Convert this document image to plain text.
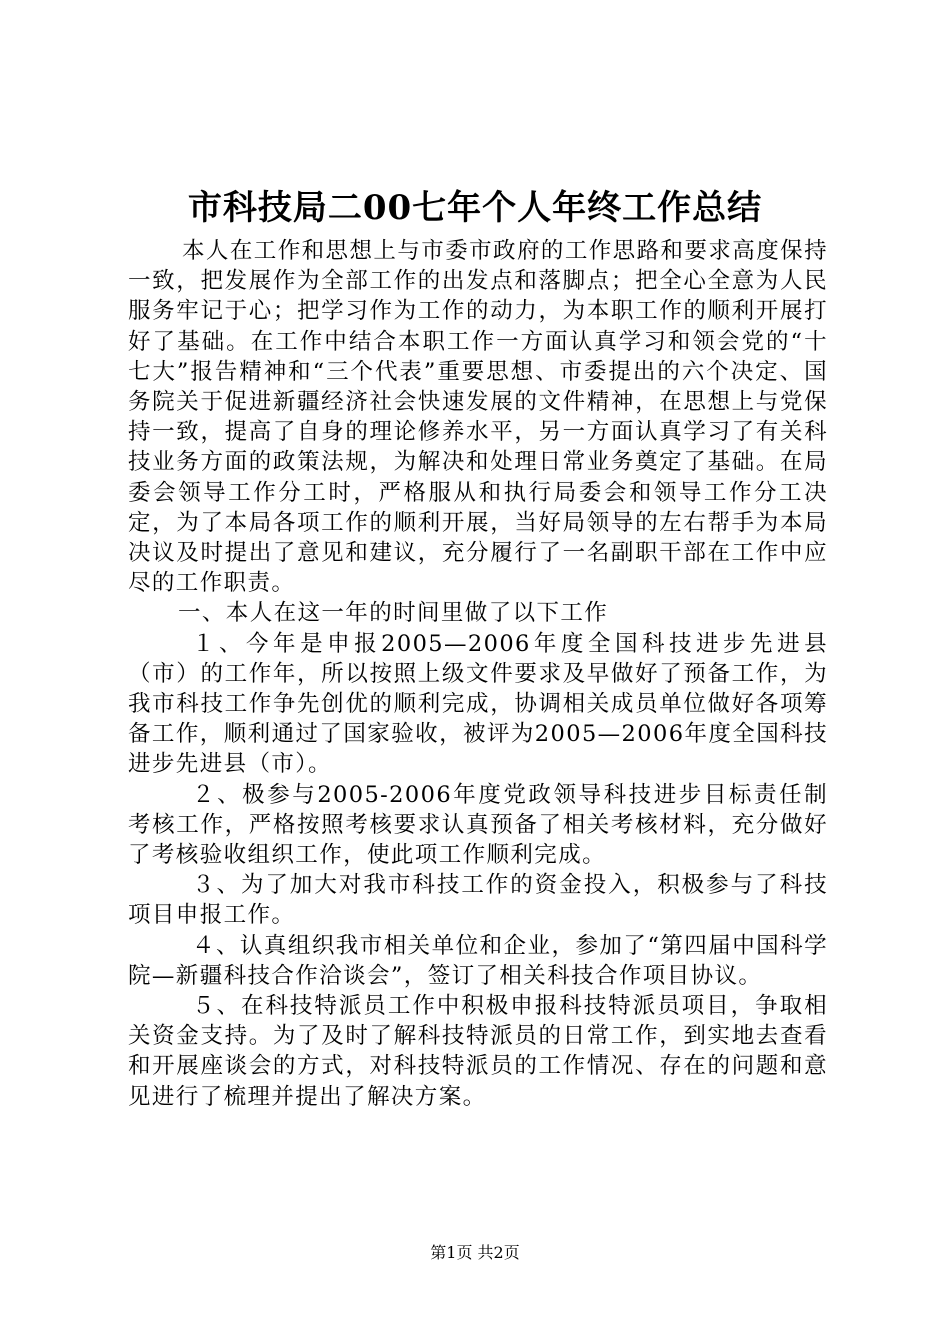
市科技局二00七年个人年终工作总结

本人在工作和思想上与市委市政府的工作思路和要求高度保持一致，把发展作为全部工作的出发点和落脚点；把全心全意为人民服务牢记于心；把学习作为工作的动力，为本职工作的顺利开展打好了基础。在工作中结合本职工作一方面认真学习和领会党的“十七大”报告精神和“三个代表”重要思想、市委提出的六个决定、国务院关于促进新疆经济社会快速发展的文件精神，在思想上与党保持一致，提高了自身的理论修养水平，另一方面认真学习了有关科技业务方面的政策法规，为解决和处理日常业务奠定了基础。在局委会领导工作分工时，严格服从和执行局委会和领导工作分工决定，为了本局各项工作的顺利开展，当好局领导的左右帮手为本局决议及时提出了意见和建议，充分履行了一名副职干部在工作中应尽的工作职责。

一、本人在这一年的时间里做了以下工作

１、今年是申报2005—2006年度全国科技进步先进县（市）的工作年，所以按照上级文件要求及早做好了预备工作，为我市科技工作争先创优的顺利完成，协调相关成员单位做好各项筹备工作，顺利通过了国家验收，被评为2005—2006年度全国科技进步先进县（市）。

２、极参与2005-2006年度党政领导科技进步目标责任制考核工作，严格按照考核要求认真预备了相关考核材料，充分做好了考核验收组织工作，使此项工作顺利完成。

３、为了加大对我市科技工作的资金投入，积极参与了科技项目申报工作。

４、认真组织我市相关单位和企业，参加了“第四届中国科学院—新疆科技合作洽谈会”，签订了相关科技合作项目协议。

５、在科技特派员工作中积极申报科技特派员项目，争取相关资金支持。为了及时了解科技特派员的日常工作，到实地去查看和开展座谈会的方式，对科技特派员的工作情况、存在的问题和意见进行了梳理并提出了解决方案。

第1页 共2页
